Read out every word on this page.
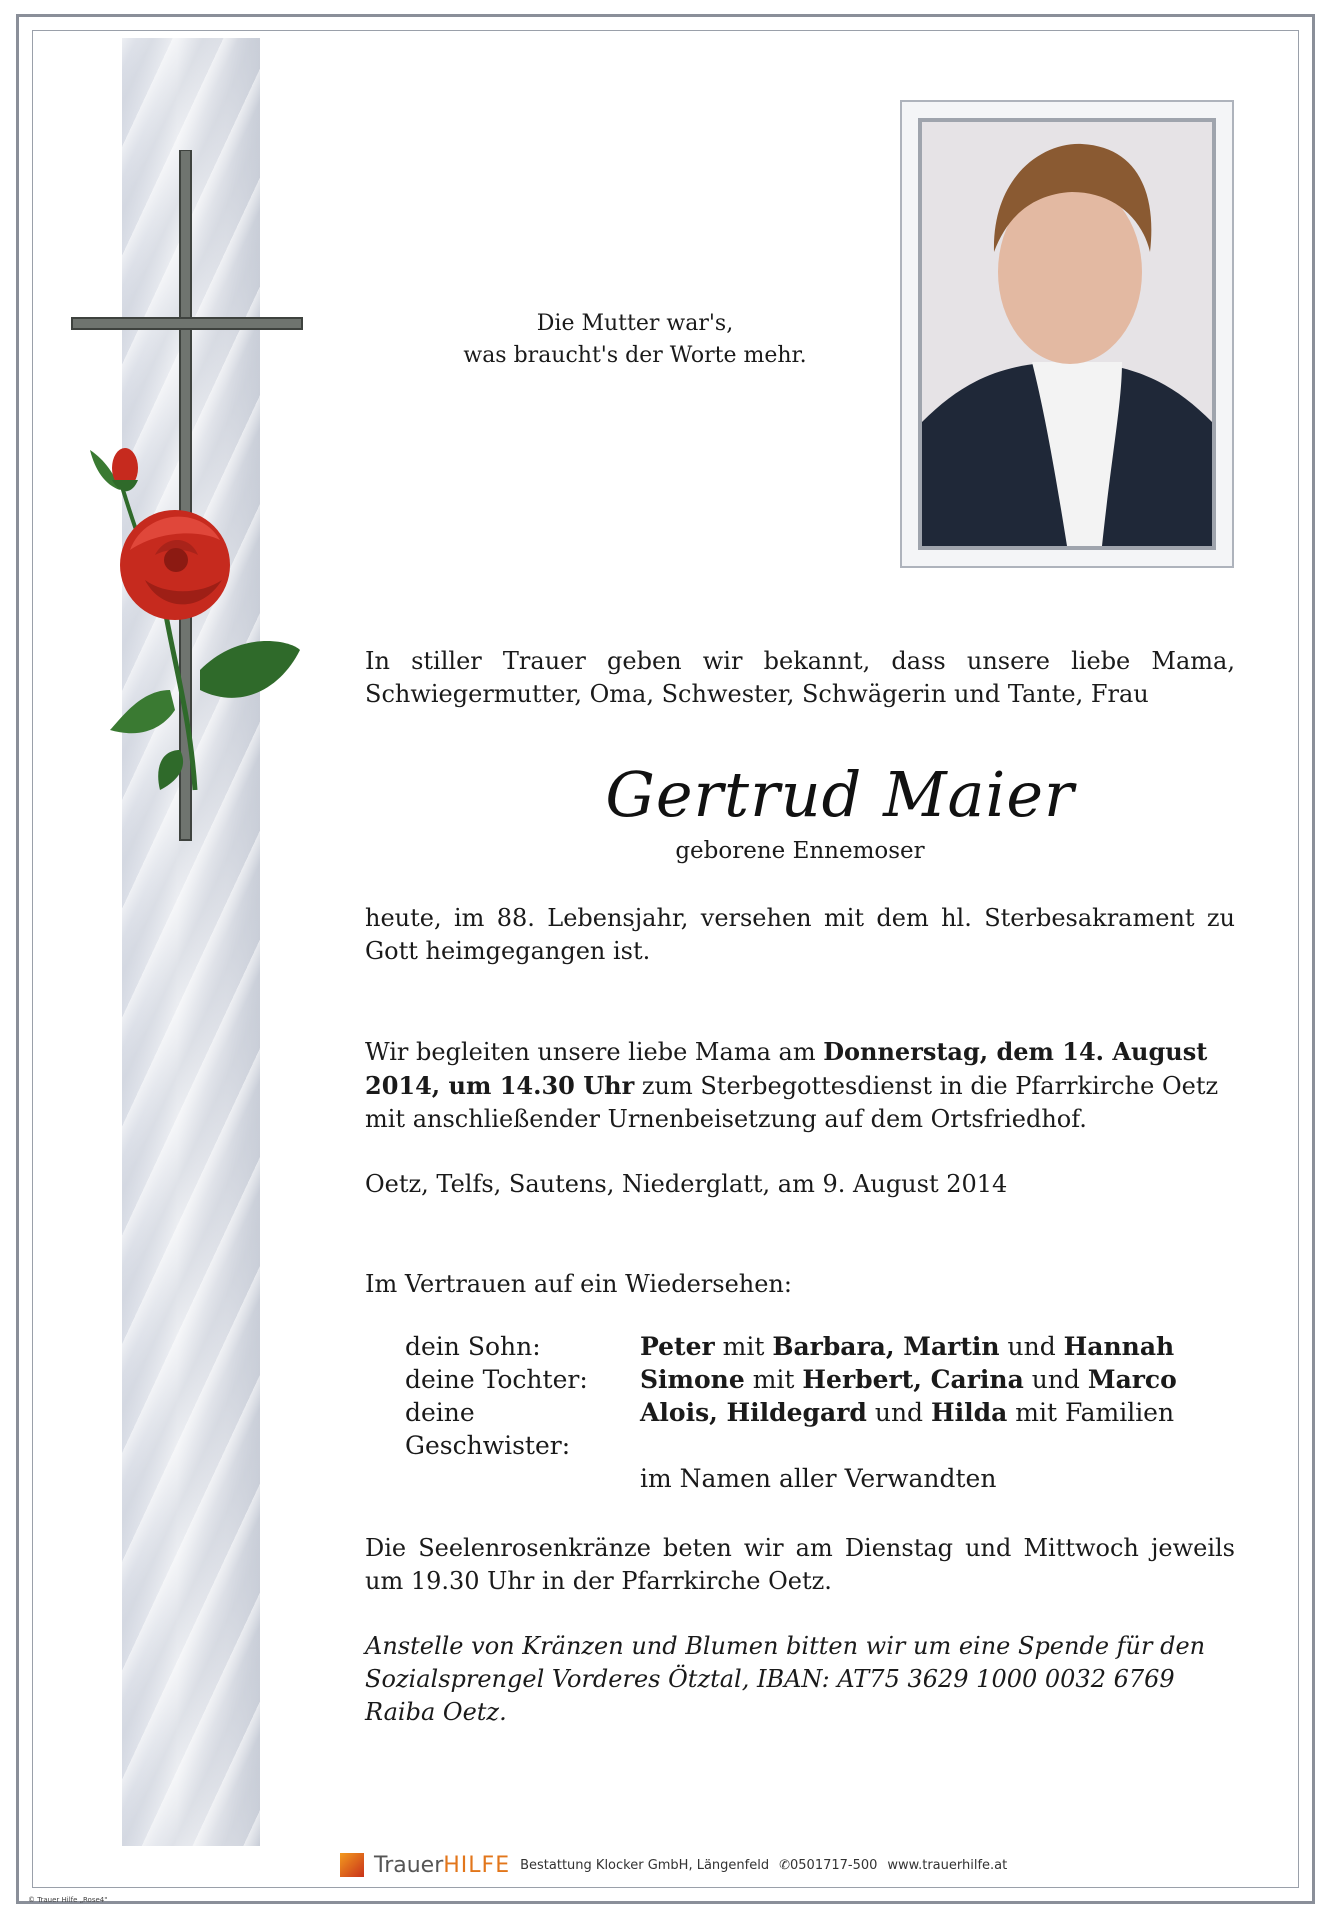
Die Mutter war's,
was braucht's der Worte mehr.
In stiller Trauer geben wir bekannt, dass unsere liebe Mama, Schwiegermutter, Oma, Schwester, Schwägerin und Tante, Frau
Gertrud Maier
geborene Ennemoser
heute, im 88. Lebensjahr, versehen mit dem hl. Sterbesakrament zu Gott heimgegangen ist.
Wir begleiten unsere liebe Mama am Donnerstag, dem 14. August 2014, um 14.30 Uhr zum Sterbegottesdienst in die Pfarrkirche Oetz mit anschließender Urnenbeisetzung auf dem Ortsfriedhof.
Oetz, Telfs, Sautens, Niederglatt, am 9. August 2014
Im Vertrauen auf ein Wiedersehen:
dein Sohn:	Peter mit Barbara, Martin und Hannah
deine Tochter:	Simone mit Herbert, Carina und Marco
deine Geschwister:
Alois, Hildegard und Hilda mit Familien
im Namen aller Verwandten
Die Seelenrosenkränze beten wir am Dienstag und Mittwoch jeweils um 19.30 Uhr in der Pfarrkirche Oetz.
Anstelle von Kränzen und Blumen bitten wir um eine Spende für den Sozialsprengel Vorderes Ötztal, IBAN: AT75 3629 1000 0032 6769 Raiba Oetz.
TrauerHILFE Bestattung Klocker GmbH, Längenfeld ✆0501717-500 www.trauerhilfe.at
© Trauer Hilfe „Rose4"
